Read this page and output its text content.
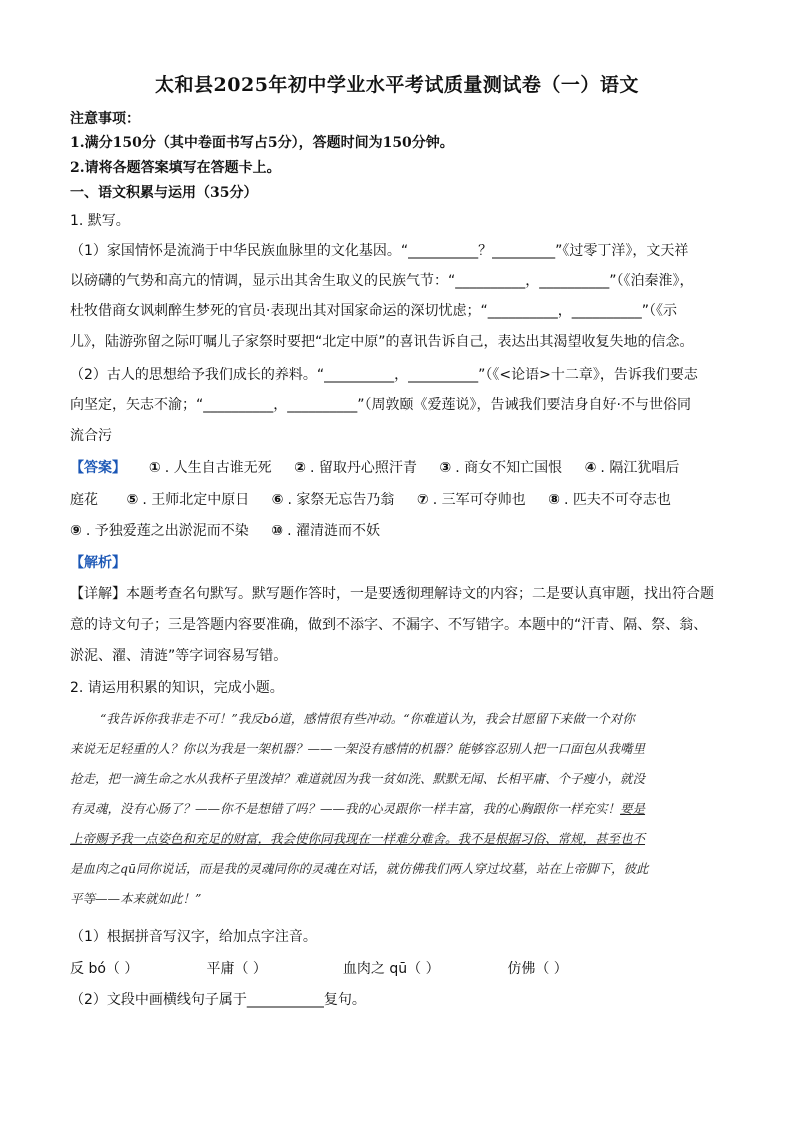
太和县2025年初中学业水平考试质量测试卷（一）语文
注意事项：
1.满分150分（其中卷面书写占5分），答题时间为150分钟。
2.请将各题答案填写在答题卡上。
一、语文积累与运用（35分）
1. 默写。
（1）家国情怀是流淌于中华民族血脉里的文化基因。“__________？_________”《过零丁洋》，文天祥
以磅礴的气势和高亢的情调，显示出其舍生取义的民族气节：“__________，__________”（《泊秦淮》，
杜牧借商女讽刺醉生梦死的官员·表现出其对国家命运的深切忧虑；“__________，__________”（《示
儿》，陆游弥留之际叮嘱儿子家祭时要把“北定中原”的喜讯告诉自己，表达出其渴望收复失地的信念。
（2）古人的思想给予我们成长的养料。“__________，__________”（《<论语>十二章》，告诉我们要志
向坚定，矢志不渝；“__________，__________”（周敦颐《爱莲说》，告诫我们要洁身自好·不与世俗同
流合污
【答案】 ① . 人生自古谁无死 ② . 留取丹心照汗青 ③ . 商女不知亡国恨 ④ . 隔江犹唱后
庭花 ⑤ . 王师北定中原日 ⑥ . 家祭无忘告乃翁 ⑦ . 三军可夺帅也 ⑧ . 匹夫不可夺志也
⑨ . 予独爱莲之出淤泥而不染 ⑩ . 濯清涟而不妖
【解析】
【详解】本题考查名句默写。默写题作答时，一是要透彻理解诗文的内容；二是要认真审题，找出符合题
意的诗文句子；三是答题内容要准确，做到不添字、不漏字、不写错字。本题中的“汗青、隔、祭、翁、
淤泥、濯、清涟”等字词容易写错。
2. 请运用积累的知识，完成小题。
“我告诉你我非走不可！”我反bó道，感情很有些冲动。“你难道认为，我会甘愿留下来做一个对你
来说无足轻重的人？你以为我是一架机器？——一架没有感情的机器？能够容忍别人把一口面包从我嘴里
抢走，把一滴生命之水从我杯子里泼掉？难道就因为我一贫如洗、默默无闻、长相平庸、个子瘦小，就没
有灵魂，没有心肠了？——你不是想错了吗？——我的心灵跟你一样丰富，我的心胸跟你一样充实！要是
上帝赐予我一点姿色和充足的财富，我会使你同我现在一样难分难舍。我不是根据习俗、常规，甚至也不
是血肉之qū同你说话，而是我的灵魂同你的灵魂在对话，就仿佛我们两人穿过坟墓，站在上帝脚下，彼此
平等——本来就如此！”
（1）根据拼音写汉字，给加点字注音。
反 bó（ ）	平庸（ ）	血肉之 qū（ ）	仿佛（ ）
（2）文段中画横线句子属于___________复句。
